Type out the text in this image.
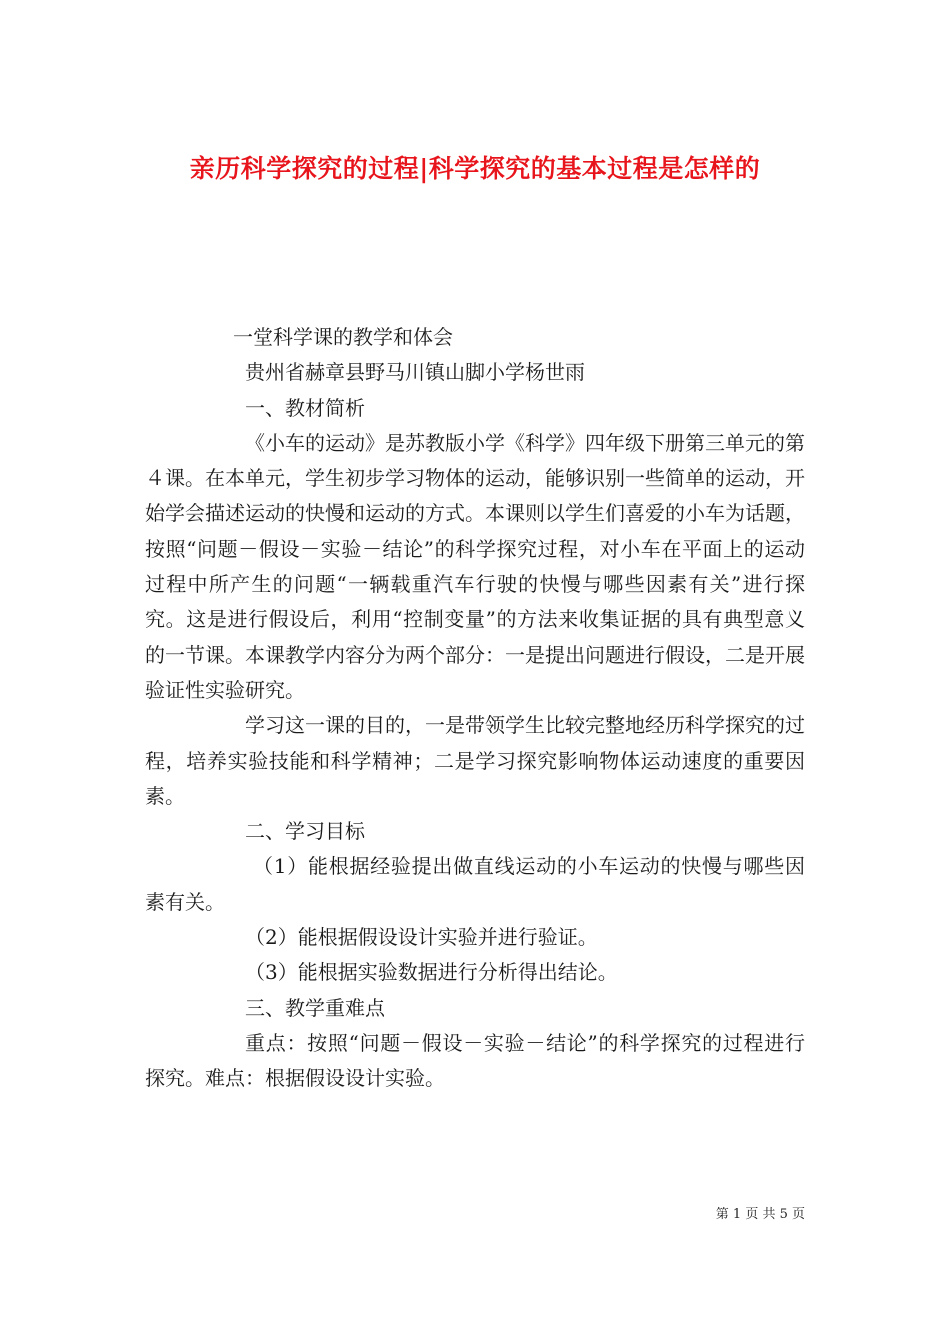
亲历科学探究的过程|科学探究的基本过程是怎样的

一堂科学课的教学和体会

贵州省赫章县野马川镇山脚小学杨世雨

一、教材简析

《小车的运动》是苏教版小学《科学》四年级下册第三单元的第４课。在本单元，学生初步学习物体的运动，能够识别一些简单的运动，开始学会描述运动的快慢和运动的方式。本课则以学生们喜爱的小车为话题，按照“问题－假设－实验－结论”的科学探究过程，对小车在平面上的运动过程中所产生的问题“一辆载重汽车行驶的快慢与哪些因素有关”进行探究。这是进行假设后，利用“控制变量”的方法来收集证据的具有典型意义的一节课。本课教学内容分为两个部分：一是提出问题进行假设，二是开展验证性实验研究。

学习这一课的目的，一是带领学生比较完整地经历科学探究的过程，培养实验技能和科学精神；二是学习探究影响物体运动速度的重要因素。

二、学习目标

（1）能根据经验提出做直线运动的小车运动的快慢与哪些因素有关。

（2）能根据假设设计实验并进行验证。

（3）能根据实验数据进行分析得出结论。

三、教学重难点

重点：按照“问题－假设－实验－结论”的科学探究的过程进行探究。难点：根据假设设计实验。

第 1 页 共 5 页
